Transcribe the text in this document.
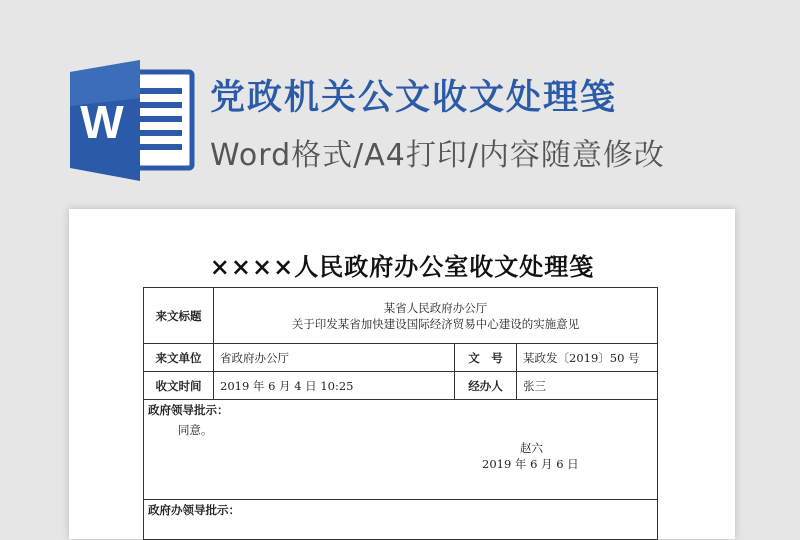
W 党政机关公文收文处理笺
Word格式/A4打印/内容随意修改
××××人民政府办公室收文处理笺
来文标题	某省人民政府办公厅
关于印发某省加快建设国际经济贸易中心建设的实施意见		

来文单位	省政府办公厅	文　号	某政发〔2019〕50 号
收文时间	2019 年 6 月 4 日 10:25	经办人	张三

政府领导批示：
同意。
赵六
2019 年 6 月 6 日			

政府办领导批示：			
